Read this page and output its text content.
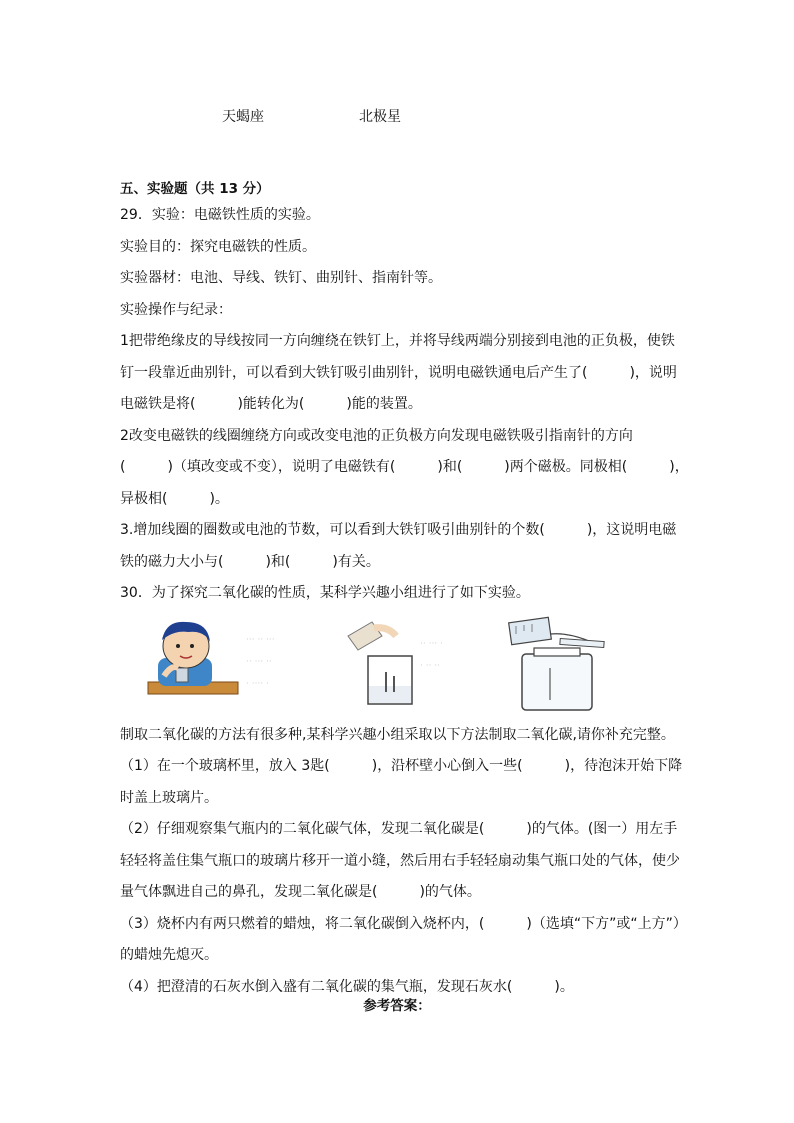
天蝎座	北极星
五、实验题（共 13 分）
29．实验：电磁铁性质的实验。
实验目的：探究电磁铁的性质。
实验器材：电池、导线、铁钉、曲别针、指南针等。
实验操作与纪录：
1把带绝缘皮的导线按同一方向缠绕在铁钉上，并将导线两端分别接到电池的正负极，使铁
钉一段靠近曲别针，可以看到大铁钉吸引曲别针，说明电磁铁通电后产生了(　　　)，说明
电磁铁是将(　　　)能转化为(　　　)能的装置。
2改变电磁铁的线圈缠绕方向或改变电池的正负极方向发现电磁铁吸引指南针的方向
(　　　)（填改变或不变），说明了电磁铁有(　　　)和(　　　)两个磁极。同极相(　　　)，
异极相(　　　)。
3.增加线圈的圈数或电池的节数，可以看到大铁钉吸引曲别针的个数(　　　)，这说明电磁
铁的磁力大小与(　　　)和(　　　)有关。
30．为了探究二氧化碳的性质，某科学兴趣小组进行了如下实验。
··· ·· ···
·· ··· ··
· ···· ·
·· ··· ·
· ·· ··
制取二氧化碳的方法有很多种,某科学兴趣小组采取以下方法制取二氧化碳,请你补充完整。
（1）在一个玻璃杯里，放入 3匙(　　　)，沿杯壁小心倒入一些(　　　)，待泡沫开始下降
时盖上玻璃片。
（2）仔细观察集气瓶内的二氧化碳气体，发现二氧化碳是(　　　)的气体。(图一）用左手
轻轻将盖住集气瓶口的玻璃片移开一道小缝，然后用右手轻轻扇动集气瓶口处的气体，使少
量气体飘进自己的鼻孔，发现二氧化碳是(　　　)的气体。
（3）烧杯内有两只燃着的蜡烛，将二氧化碳倒入烧杯内，(　　　)（选填“下方”或“上方”）
的蜡烛先熄灭。
（4）把澄清的石灰水倒入盛有二氧化碳的集气瓶，发现石灰水(　　　)。
参考答案：
